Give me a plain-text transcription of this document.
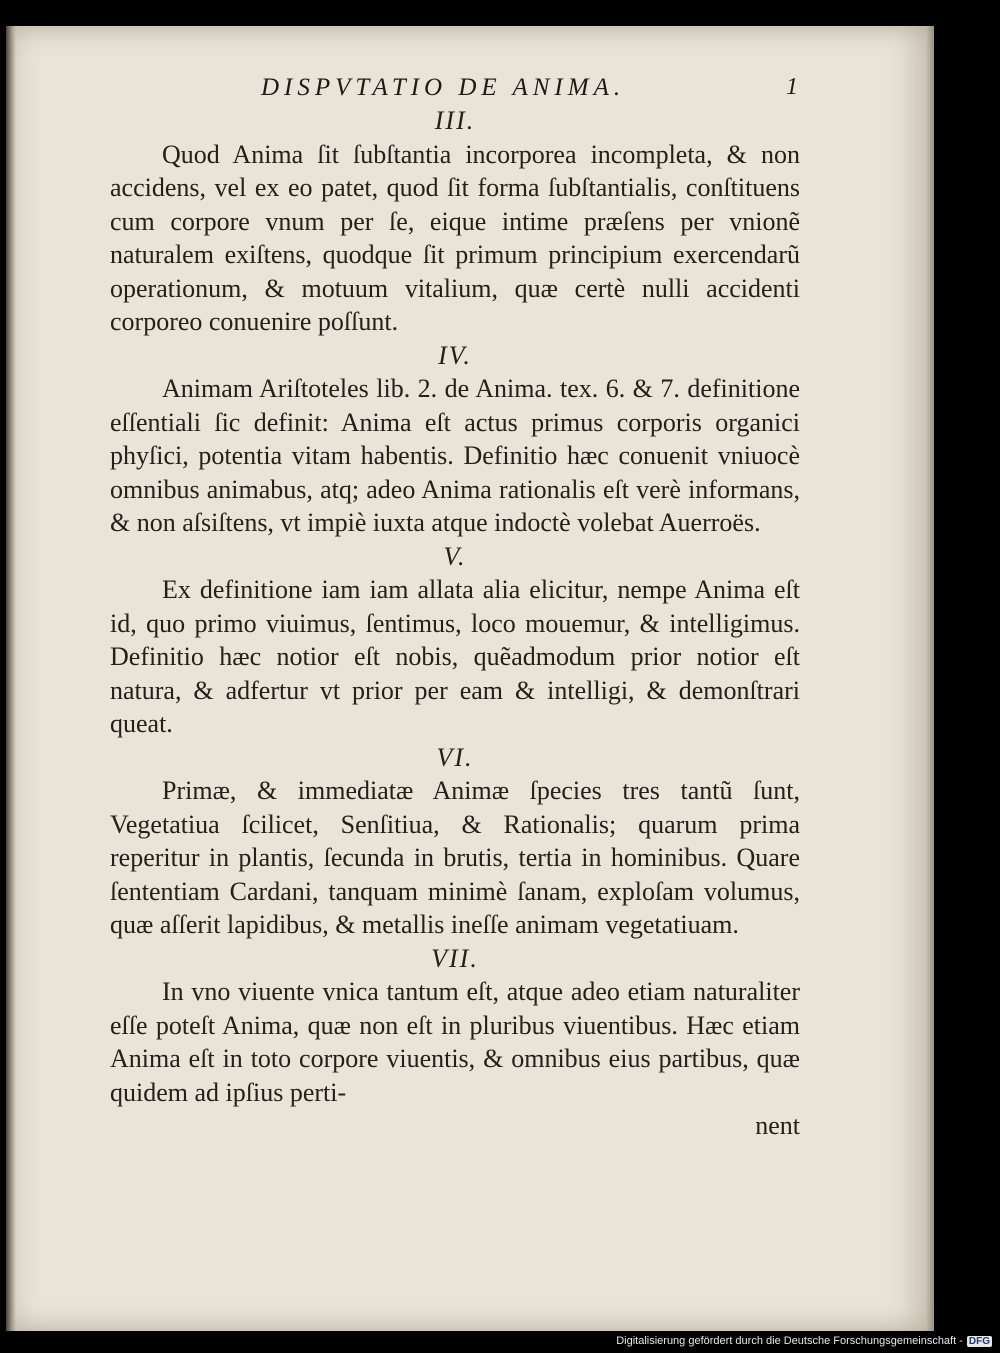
DISPVTATIO DE ANIMA.	1
III.

Quod Anima ſit ſubſtantia incorporea incompleta, & non accidens, vel ex eo patet, quod ſit forma ſubſtantialis, conſtituens cum corpore vnum per ſe, eique intime præſens per vnionẽ naturalem exiſtens, quodque ſit primum principium exercendarũ operationum, & motuum vitalium, quæ certè nulli accidenti corporeo conuenire poſſunt.

IV.

Animam Ariſtoteles lib. 2. de Anima. tex. 6. & 7. definitione eſſentiali ſic definit: Anima eſt actus primus corporis organici phyſici, potentia vitam habentis. Definitio hæc conuenit vniuocè omnibus animabus, atq; adeo Anima rationalis eſt verè informans, & non aſsiſtens, vt impiè iuxta atque indoctè volebat Auerroës.

V.

Ex definitione iam iam allata alia elicitur, nempe Anima eſt id, quo primo viuimus, ſentimus, loco mouemur, & intelligimus. Definitio hæc notior eſt nobis, quẽadmodum prior notior eſt natura, & adfertur vt prior per eam & intelligi, & demonſtrari queat.

VI.

Primæ, & immediatæ Animæ ſpecies tres tantũ ſunt, Vegetatiua ſcilicet, Senſitiua, & Rationalis; quarum prima reperitur in plantis, ſecunda in brutis, tertia in hominibus. Quare ſententiam Cardani, tanquam minimè ſanam, exploſam volumus, quæ aſſerit lapidibus, & metallis ineſſe animam vegetatiuam.

VII.

In vno viuente vnica tantum eſt, atque adeo etiam naturaliter eſſe poteſt Anima, quæ non eſt in pluribus viuentibus. Hæc etiam Anima eſt in toto corpore viuentis, & omnibus eius partibus, quæ quidem ad ipſius perti-

nent
Digitalisierung gefördert durch die Deutsche Forschungsgemeinschaft - DFG
